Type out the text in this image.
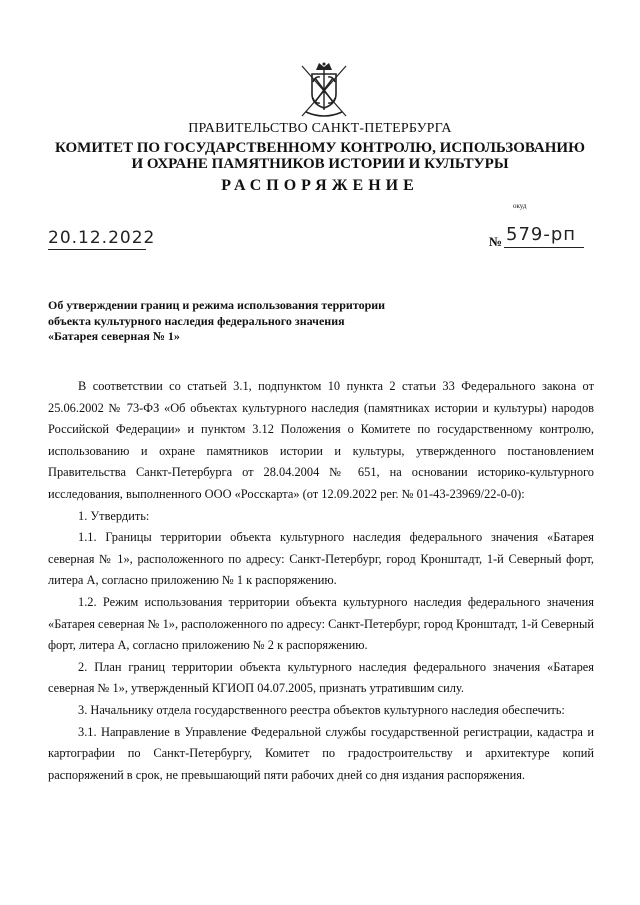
ПРАВИТЕЛЬСТВО САНКТ-ПЕТЕРБУРГА
КОМИТЕТ ПО ГОСУДАРСТВЕННОМУ КОНТРОЛЮ, ИСПОЛЬЗОВАНИЮ
И ОХРАНЕ ПАМЯТНИКОВ ИСТОРИИ И КУЛЬТУРЫ
РАСПОРЯЖЕНИЕ
окуд
20.12.2022	№ 579-рп
Об утверждении границ и режима использования территории
объекта культурного наследия федерального значения
«Батарея северная № 1»

В соответствии со статьей 3.1, подпунктом 10 пункта 2 статьи 33 Федерального закона от 25.06.2002 № 73-ФЗ «Об объектах культурного наследия (памятниках истории и культуры) народов Российской Федерации» и пунктом 3.12 Положения о Комитете по государственному контролю, использованию и охране памятников истории и культуры, утвержденного постановлением Правительства Санкт-Петербурга от 28.04.2004 № 651, на основании историко-культурного исследования, выполненного ООО «Росскарта» (от 12.09.2022 рег. № 01-43-23969/22-0-0):

1. Утвердить:

1.1. Границы территории объекта культурного наследия федерального значения «Батарея северная № 1», расположенного по адресу: Санкт-Петербург, город Кронштадт, 1-й Северный форт, литера А, согласно приложению № 1 к распоряжению.

1.2. Режим использования территории объекта культурного наследия федерального значения «Батарея северная № 1», расположенного по адресу: Санкт-Петербург, город Кронштадт, 1-й Северный форт, литера А, согласно приложению № 2 к распоряжению.

2. План границ территории объекта культурного наследия федерального значения «Батарея северная № 1», утвержденный КГИОП 04.07.2005, признать утратившим силу.

3. Начальнику отдела государственного реестра объектов культурного наследия обеспечить:

3.1. Направление в Управление Федеральной службы государственной регистрации, кадастра и картографии по Санкт-Петербургу, Комитет по градостроительству и архитектуре копий распоряжений в срок, не превышающий пяти рабочих дней со дня издания распоряжения.
